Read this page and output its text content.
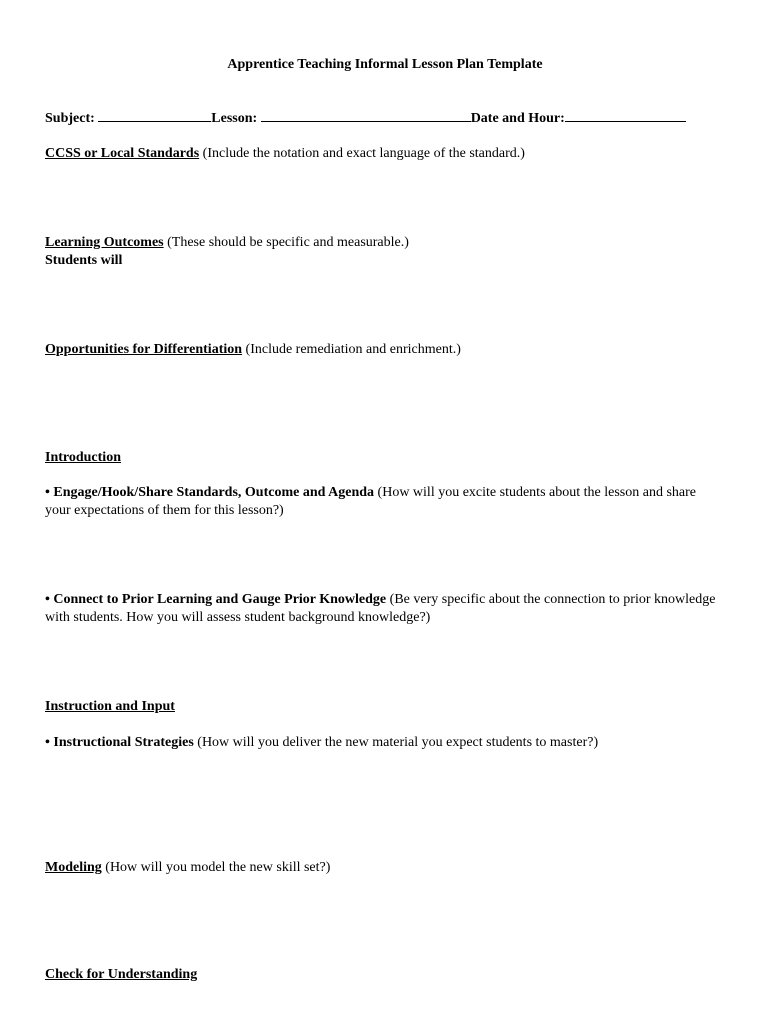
Apprentice Teaching Informal Lesson Plan Template
Subject:	Lesson:	Date and Hour:
CCSS or Local Standards (Include the notation and exact language of the standard.)
Learning Outcomes (These should be specific and measurable.)
Students will
Opportunities for Differentiation (Include remediation and enrichment.)
Introduction
• Engage/Hook/Share Standards, Outcome and Agenda (How will you excite students about the lesson and share your expectations of them for this lesson?)
• Connect to Prior Learning and Gauge Prior Knowledge (Be very specific about the connection to prior knowledge with students. How you will assess student background knowledge?)
Instruction and Input
• Instructional Strategies (How will you deliver the new material you expect students to master?)
Modeling (How will you model the new skill set?)
Check for Understanding
